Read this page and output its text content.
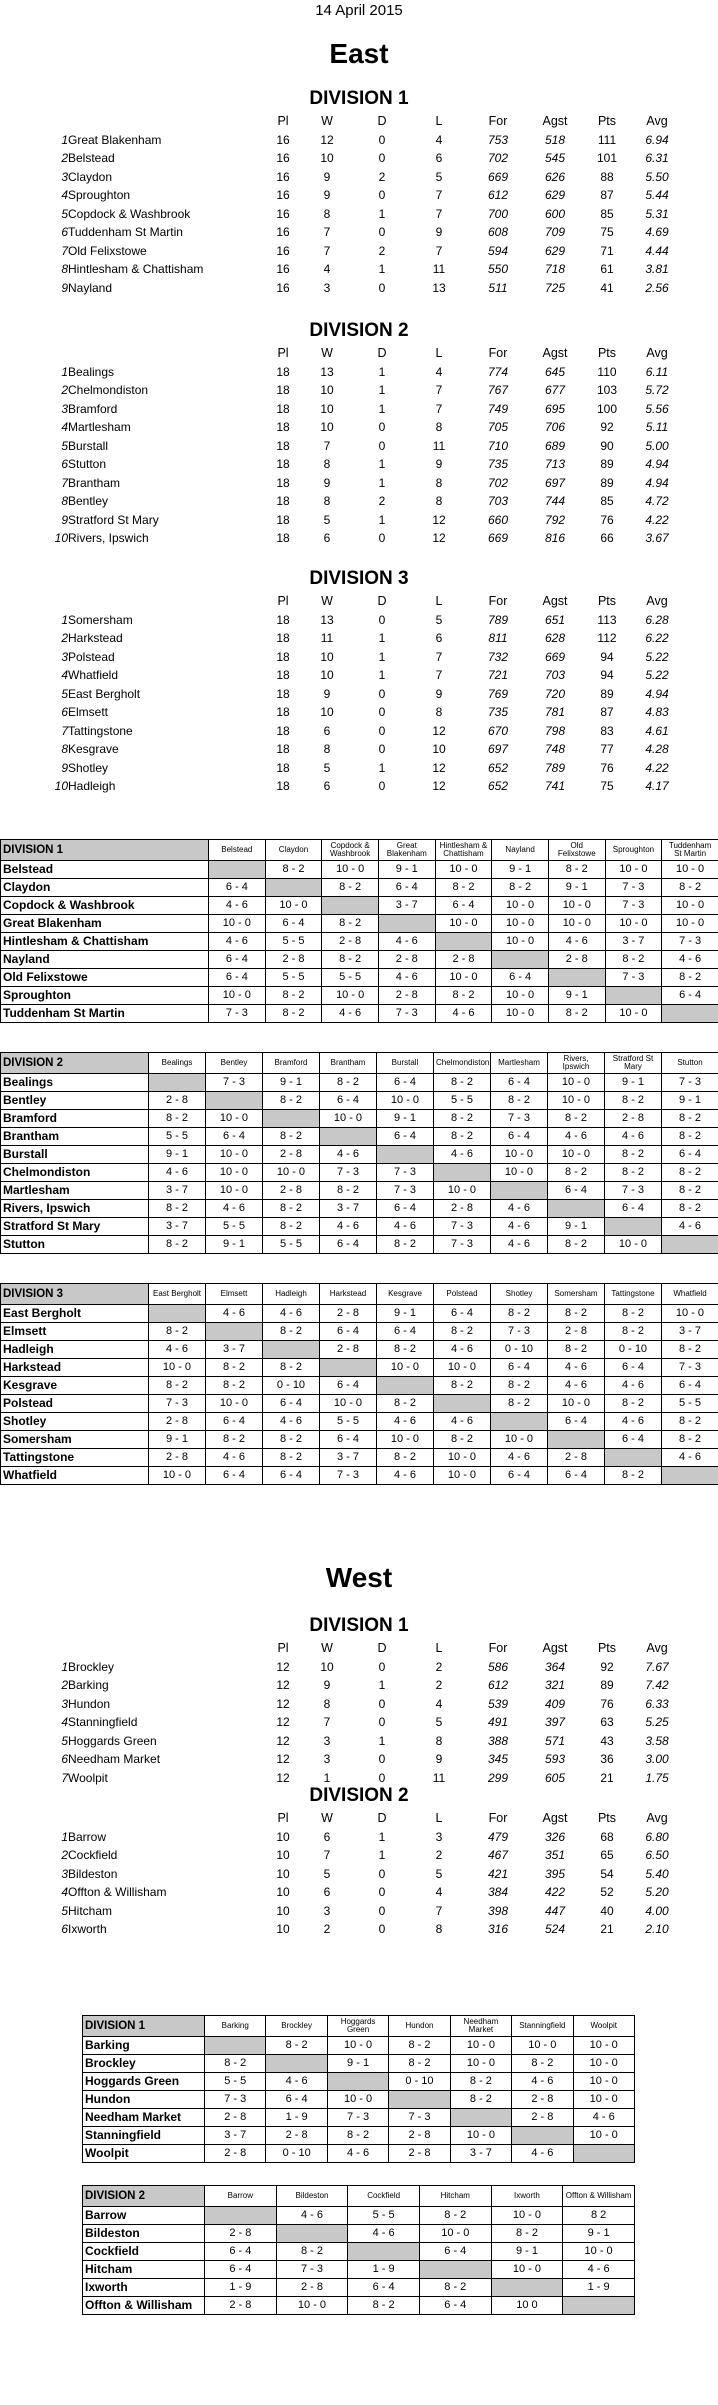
14 April 2015
East
West
DIVISION 1
		Pl	W	D	L	For	Agst	Pts	Avg
1	Great Blakenham	16	12	0	4	753	518	111	6.94
2	Belstead	16	10	0	6	702	545	101	6.31
3	Claydon	16	9	2	5	669	626	88	5.50
4	Sproughton	16	9	0	7	612	629	87	5.44
5	Copdock & Washbrook	16	8	1	7	700	600	85	5.31
6	Tuddenham St Martin	16	7	0	9	608	709	75	4.69
7	Old Felixstowe	16	7	2	7	594	629	71	4.44
8	Hintlesham & Chattisham	16	4	1	11	550	718	61	3.81
9	Nayland	16	3	0	13	511	725	41	2.56
DIVISION 2
		Pl	W	D	L	For	Agst	Pts	Avg
1	Bealings	18	13	1	4	774	645	110	6.11
2	Chelmondiston	18	10	1	7	767	677	103	5.72
3	Bramford	18	10	1	7	749	695	100	5.56
4	Martlesham	18	10	0	8	705	706	92	5.11
5	Burstall	18	7	0	11	710	689	90	5.00
6	Stutton	18	8	1	9	735	713	89	4.94
7	Brantham	18	9	1	8	702	697	89	4.94
8	Bentley	18	8	2	8	703	744	85	4.72
9	Stratford St Mary	18	5	1	12	660	792	76	4.22
10	Rivers, Ipswich	18	6	0	12	669	816	66	3.67
DIVISION 3
		Pl	W	D	L	For	Agst	Pts	Avg
1	Somersham	18	13	0	5	789	651	113	6.28
2	Harkstead	18	11	1	6	811	628	112	6.22
3	Polstead	18	10	1	7	732	669	94	5.22
4	Whatfield	18	10	1	7	721	703	94	5.22
5	East Bergholt	18	9	0	9	769	720	89	4.94
6	Elmsett	18	10	0	8	735	781	87	4.83
7	Tattingstone	18	6	0	12	670	798	83	4.61
8	Kesgrave	18	8	0	10	697	748	77	4.28
9	Shotley	18	5	1	12	652	789	76	4.22
10	Hadleigh	18	6	0	12	652	741	75	4.17
DIVISION 1
		Pl	W	D	L	For	Agst	Pts	Avg
1	Brockley	12	10	0	2	586	364	92	7.67
2	Barking	12	9	1	2	612	321	89	7.42
3	Hundon	12	8	0	4	539	409	76	6.33
4	Stanningfield	12	7	0	5	491	397	63	5.25
5	Hoggards Green	12	3	1	8	388	571	43	3.58
6	Needham Market	12	3	0	9	345	593	36	3.00
7	Woolpit	12	1	0	11	299	605	21	1.75
DIVISION 2
		Pl	W	D	L	For	Agst	Pts	Avg
1	Barrow	10	6	1	3	479	326	68	6.80
2	Cockfield	10	7	1	2	467	351	65	6.50
3	Bildeston	10	5	0	5	421	395	54	5.40
4	Offton & Willisham	10	6	0	4	384	422	52	5.20
5	Hitcham	10	3	0	7	398	447	40	4.00
6	Ixworth	10	2	0	8	316	524	21	2.10
DIVISION 1	Belstead	Claydon	Copdock & Washbrook	Great Blakenham	Hintlesham & Chattisham	Nayland	Old Felixstowe	Sproughton	Tuddenham St Martin
Belstead		8 - 2	10 - 0	9 - 1	10 - 0	9 - 1	8 - 2	10 - 0	10 - 0
Claydon	6 - 4		8 - 2	6 - 4	8 - 2	8 - 2	9 - 1	7 - 3	8 - 2
Copdock & Washbrook	4 - 6	10 - 0		3 - 7	6 - 4	10 - 0	10 - 0	7 - 3	10 - 0
Great Blakenham	10 - 0	6 - 4	8 - 2		10 - 0	10 - 0	10 - 0	10 - 0	10 - 0
Hintlesham & Chattisham	4 - 6	5 - 5	2 - 8	4 - 6		10 - 0	4 - 6	3 - 7	7 - 3
Nayland	6 - 4	2 - 8	8 - 2	2 - 8	2 - 8		2 - 8	8 - 2	4 - 6
Old Felixstowe	6 - 4	5 - 5	5 - 5	4 - 6	10 - 0	6 - 4		7 - 3	8 - 2
Sproughton	10 - 0	8 - 2	10 - 0	2 - 8	8 - 2	10 - 0	9 - 1		6 - 4
Tuddenham St Martin	7 - 3	8 - 2	4 - 6	7 - 3	4 - 6	10 - 0	8 - 2	10 - 0	
DIVISION 2	Bealings	Bentley	Bramford	Brantham	Burstall	Chelmondiston	Martlesham	Rivers, Ipswich	Stratford St Mary	Stutton
Bealings		7 - 3	9 - 1	8 - 2	6 - 4	8 - 2	6 - 4	10 - 0	9 - 1	7 - 3
Bentley	2 - 8		8 - 2	6 - 4	10 - 0	5 - 5	8 - 2	10 - 0	8 - 2	9 - 1
Bramford	8 - 2	10 - 0		10 - 0	9 - 1	8 - 2	7 - 3	8 - 2	2 - 8	8 - 2
Brantham	5 - 5	6 - 4	8 - 2		6 - 4	8 - 2	6 - 4	4 - 6	4 - 6	8 - 2
Burstall	9 - 1	10 - 0	2 - 8	4 - 6		4 - 6	10 - 0	10 - 0	8 - 2	6 - 4
Chelmondiston	4 - 6	10 - 0	10 - 0	7 - 3	7 - 3		10 - 0	8 - 2	8 - 2	8 - 2
Martlesham	3 - 7	10 - 0	2 - 8	8 - 2	7 - 3	10 - 0		6 - 4	7 - 3	8 - 2
Rivers, Ipswich	8 - 2	4 - 6	8 - 2	3 - 7	6 - 4	2 - 8	4 - 6		6 - 4	8 - 2
Stratford St Mary	3 - 7	5 - 5	8 - 2	4 - 6	4 - 6	7 - 3	4 - 6	9 - 1		4 - 6
Stutton	8 - 2	9 - 1	5 - 5	6 - 4	8 - 2	7 - 3	4 - 6	8 - 2	10 - 0	
DIVISION 3	East Bergholt	Elmsett	Hadleigh	Harkstead	Kesgrave	Polstead	Shotley	Somersham	Tattingstone	Whatfield
East Bergholt		4 - 6	4 - 6	2 - 8	9 - 1	6 - 4	8 - 2	8 - 2	8 - 2	10 - 0
Elmsett	8 - 2		8 - 2	6 - 4	6 - 4	8 - 2	7 - 3	2 - 8	8 - 2	3 - 7
Hadleigh	4 - 6	3 - 7		2 - 8	8 - 2	4 - 6	0 - 10	8 - 2	0 - 10	8 - 2
Harkstead	10 - 0	8 - 2	8 - 2		10 - 0	10 - 0	6 - 4	4 - 6	6 - 4	7 - 3
Kesgrave	8 - 2	8 - 2	0 - 10	6 - 4		8 - 2	8 - 2	4 - 6	4 - 6	6 - 4
Polstead	7 - 3	10 - 0	6 - 4	10 - 0	8 - 2		8 - 2	10 - 0	8 - 2	5 - 5
Shotley	2 - 8	6 - 4	4 - 6	5 - 5	4 - 6	4 - 6		6 - 4	4 - 6	8 - 2
Somersham	9 - 1	8 - 2	8 - 2	6 - 4	10 - 0	8 - 2	10 - 0		6 - 4	8 - 2
Tattingstone	2 - 8	4 - 6	8 - 2	3 - 7	8 - 2	10 - 0	4 - 6	2 - 8		4 - 6
Whatfield	10 - 0	6 - 4	6 - 4	7 - 3	4 - 6	10 - 0	6 - 4	6 - 4	8 - 2	
DIVISION 1	Barking	Brockley	Hoggards Green	Hundon	Needham Market	Stanningfield	Woolpit
Barking		8 - 2	10 - 0	8 - 2	10 - 0	10 - 0	10 - 0
Brockley	8 - 2		9 - 1	8 - 2	10 - 0	8 - 2	10 - 0
Hoggards Green	5 - 5	4 - 6		0 - 10	8 - 2	4 - 6	10 - 0
Hundon	7 - 3	6 - 4	10 - 0		8 - 2	2 - 8	10 - 0
Needham Market	2 - 8	1 - 9	7 - 3	7 - 3		2 - 8	4 - 6
Stanningfield	3 - 7	2 - 8	8 - 2	2 - 8	10 - 0		10 - 0
Woolpit	2 - 8	0 - 10	4 - 6	2 - 8	3 - 7	4 - 6	
DIVISION 2	Barrow	Bildeston	Cockfield	Hitcham	Ixworth	Offton & Willisham
Barrow		4 - 6	5 - 5	8 - 2	10 - 0	8 2
Bildeston	2 - 8		4 - 6	10 - 0	8 - 2	9 - 1
Cockfield	6 - 4	8 - 2		6 - 4	9 - 1	10 - 0
Hitcham	6 - 4	7 - 3	1 - 9		10 - 0	4 - 6
Ixworth	1 - 9	2 - 8	6 - 4	8 - 2		1 - 9
Offton & Willisham	2 - 8	10 - 0	8 - 2	6 - 4	10 0	
